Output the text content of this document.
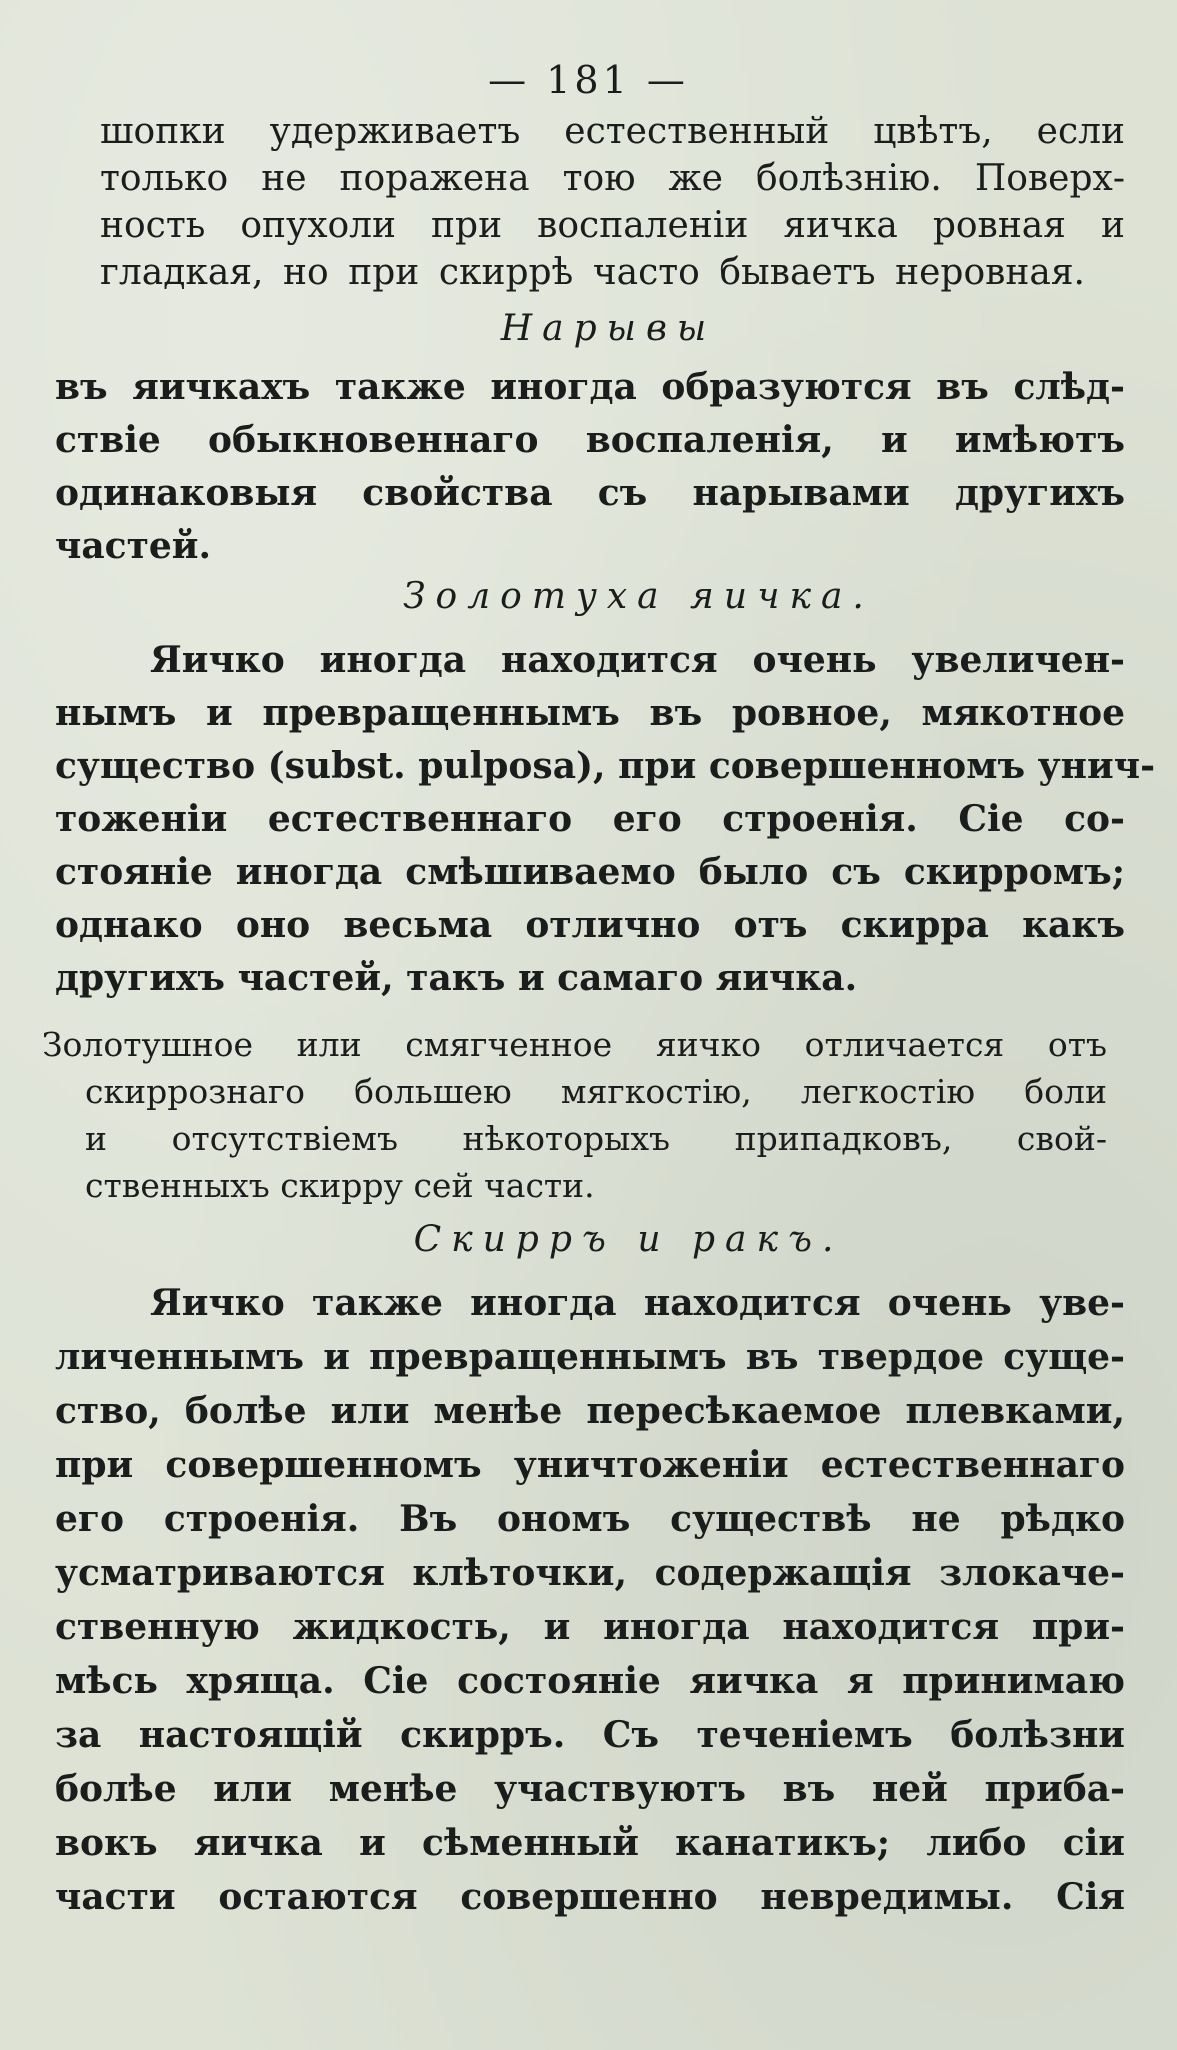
— 181 —
шопки удерживаетъ естественный цвѣтъ, если
только не поражена тою же болѣзнію. Поверх-
ность опухоли при воспаленіи яичка ровная и
гладкая, но при скиррѣ часто бываетъ неровная.
Нарывы
въ яичкахъ также иногда образуются въ слѣд-
ствіе обыкновеннаго воспаленія, и имѣютъ
одинаковыя свойства съ нарывами другихъ
частей.
Золотуха яичка.
Яичко иногда находится очень увеличен-
нымъ и превращеннымъ въ ровное, мякотное
существо (subst. pulposa), при совершенномъ унич-
тоженіи естественнаго его строенія. Сіе со-
стояніе иногда смѣшиваемо было съ скирромъ;
однако оно весьма отлично отъ скирра какъ
другихъ частей, такъ и самаго яичка.
Золотушное или смягченное яичко отличается отъ
скиррознаго большею мягкостію, легкостію боли
и отсутствіемъ нѣкоторыхъ припадковъ, свой-
ственныхъ скирру сей части.
Скирръ и ракъ.
Яичко также иногда находится очень уве-
личеннымъ и превращеннымъ въ твердое суще-
ство, болѣе или менѣе пересѣкаемое плевками,
при совершенномъ уничтоженіи естественнаго
его строенія. Въ ономъ существѣ не рѣдко
усматриваются клѣточки, содержащія злокаче-
ственную жидкость, и иногда находится при-
мѣсь хряща. Сіе состояніе яичка я принимаю
за настоящій скирръ. Съ теченіемъ болѣзни
болѣе или менѣе участвуютъ въ ней прибa-
вокъ яичка и сѣменный канатикъ; либо сіи
части остаются совершенно невредимы. Сія
